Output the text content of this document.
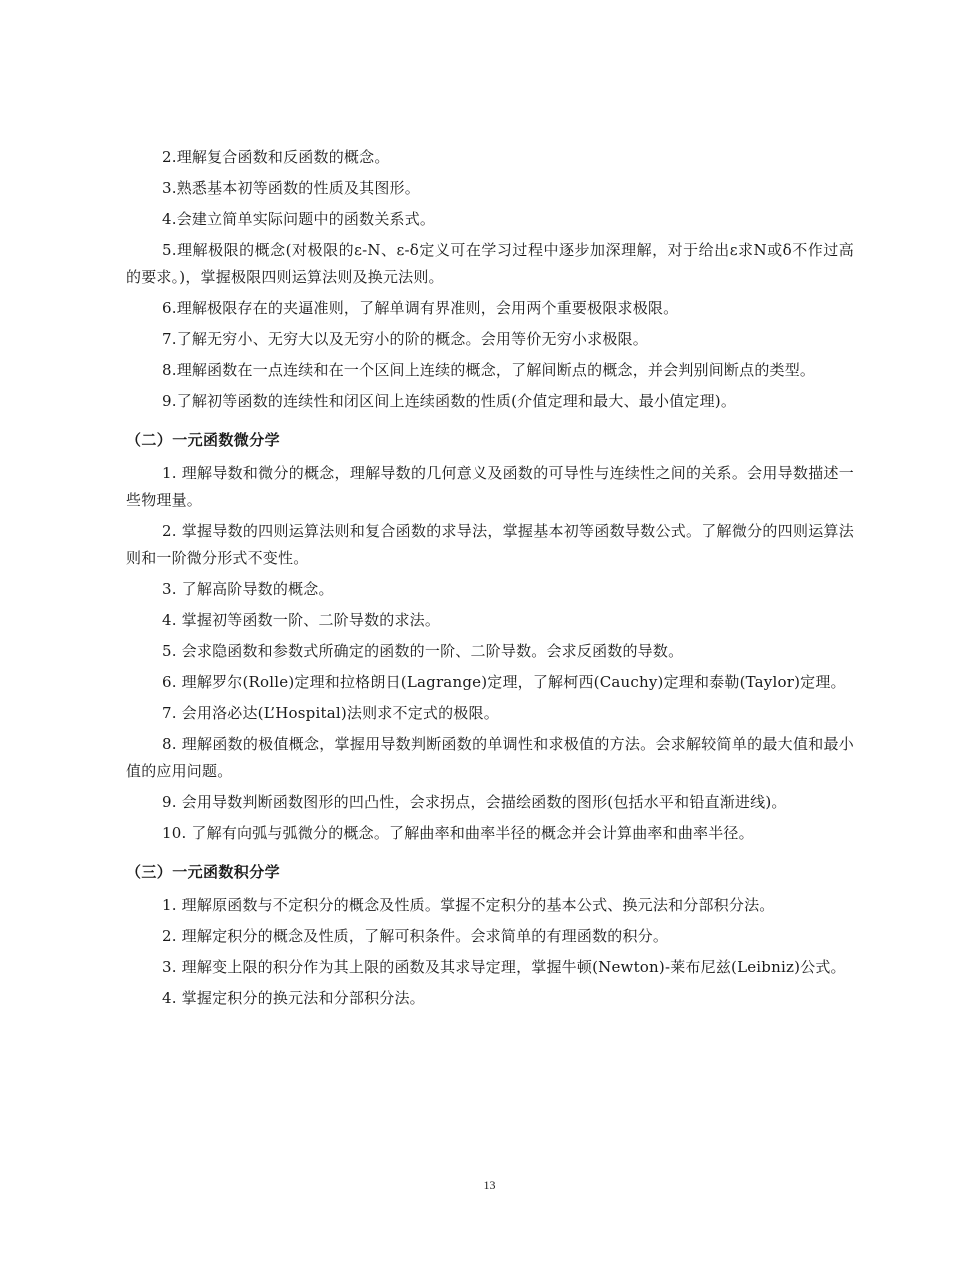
2.理解复合函数和反函数的概念。

3.熟悉基本初等函数的性质及其图形。

4.会建立简单实际问题中的函数关系式。

5.理解极限的概念(对极限的ε-N、ε-δ定义可在学习过程中逐步加深理解，对于给出ε求N或δ不作过高的要求。)，掌握极限四则运算法则及换元法则。

6.理解极限存在的夹逼准则，了解单调有界准则，会用两个重要极限求极限。

7.了解无穷小、无穷大以及无穷小的阶的概念。会用等价无穷小求极限。

8.理解函数在一点连续和在一个区间上连续的概念，了解间断点的概念，并会判别间断点的类型。

9.了解初等函数的连续性和闭区间上连续函数的性质(介值定理和最大、最小值定理)。

（二）一元函数微分学

1. 理解导数和微分的概念，理解导数的几何意义及函数的可导性与连续性之间的关系。会用导数描述一些物理量。

2. 掌握导数的四则运算法则和复合函数的求导法，掌握基本初等函数导数公式。了解微分的四则运算法则和一阶微分形式不变性。

3. 了解高阶导数的概念。

4. 掌握初等函数一阶、二阶导数的求法。

5. 会求隐函数和参数式所确定的函数的一阶、二阶导数。会求反函数的导数。

6. 理解罗尔(Rolle)定理和拉格朗日(Lagrange)定理，了解柯西(Cauchy)定理和泰勒(Taylor)定理。

7. 会用洛必达(L’Hospital)法则求不定式的极限。

8. 理解函数的极值概念，掌握用导数判断函数的单调性和求极值的方法。会求解较简单的最大值和最小值的应用问题。

9. 会用导数判断函数图形的凹凸性，会求拐点，会描绘函数的图形(包括水平和铅直渐进线)。

10. 了解有向弧与弧微分的概念。了解曲率和曲率半径的概念并会计算曲率和曲率半径。

（三）一元函数积分学

1. 理解原函数与不定积分的概念及性质。掌握不定积分的基本公式、换元法和分部积分法。

2. 理解定积分的概念及性质，了解可积条件。会求简单的有理函数的积分。

3. 理解变上限的积分作为其上限的函数及其求导定理，掌握牛顿(Newton)-莱布尼兹(Leibniz)公式。

4. 掌握定积分的换元法和分部积分法。

13
